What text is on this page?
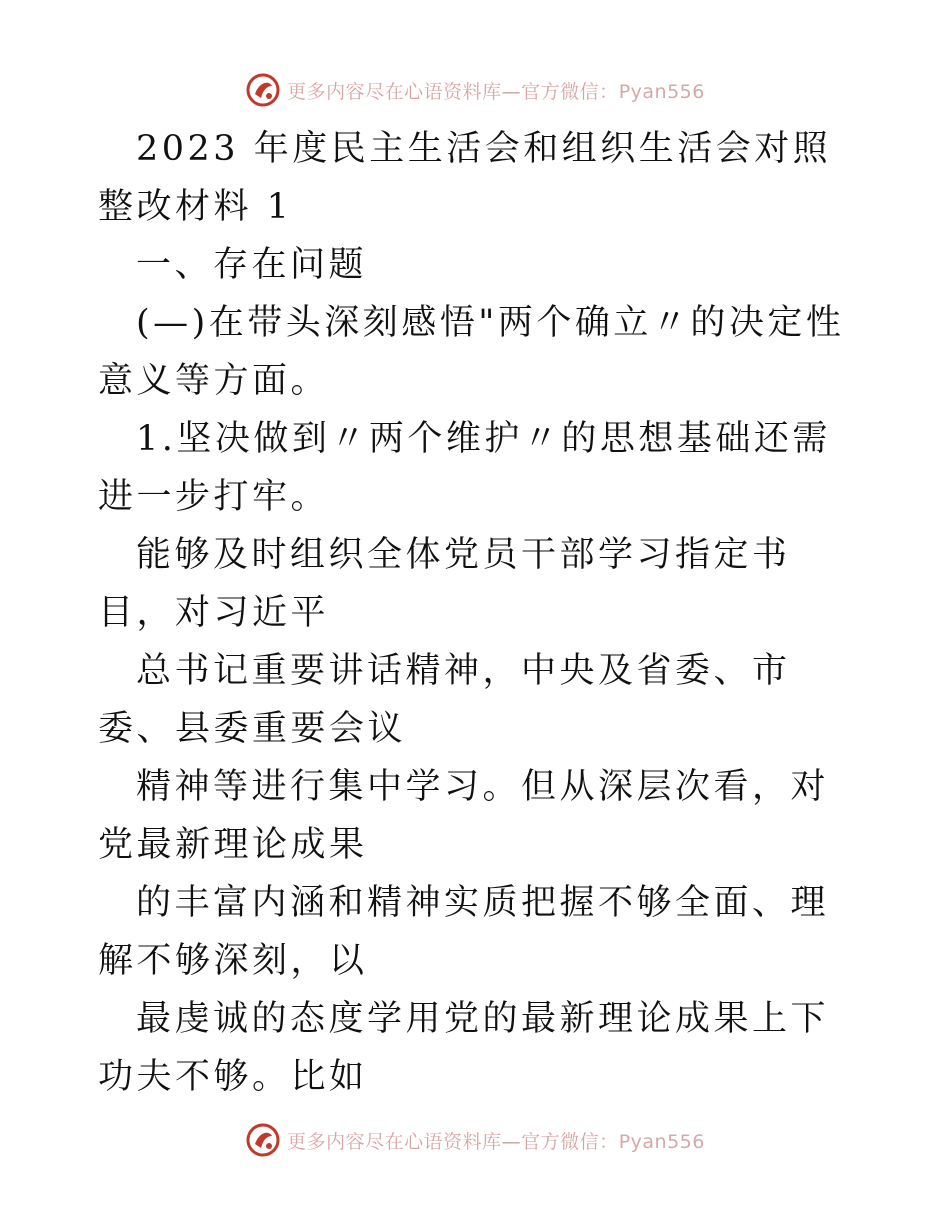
更多内容尽在心语资料库—官方微信：Pyan556

2023 年度民主生活会和组织生活会对照整改材料 1

一、存在问题

(—)在带头深刻感悟"两个确立〃的决定性意义等方面。

1.坚决做到〃两个维护〃的思想基础还需进一步打牢。

能够及时组织全体党员干部学习指定书目，对习近平

总书记重要讲话精神，中央及省委、市委、县委重要会议

精神等进行集中学习。但从深层次看，对党最新理论成果

的丰富内涵和精神实质把握不够全面、理解不够深刻，以

最虔诚的态度学用党的最新理论成果上下功夫不够。比如

更多内容尽在心语资料库—官方微信：Pyan556
